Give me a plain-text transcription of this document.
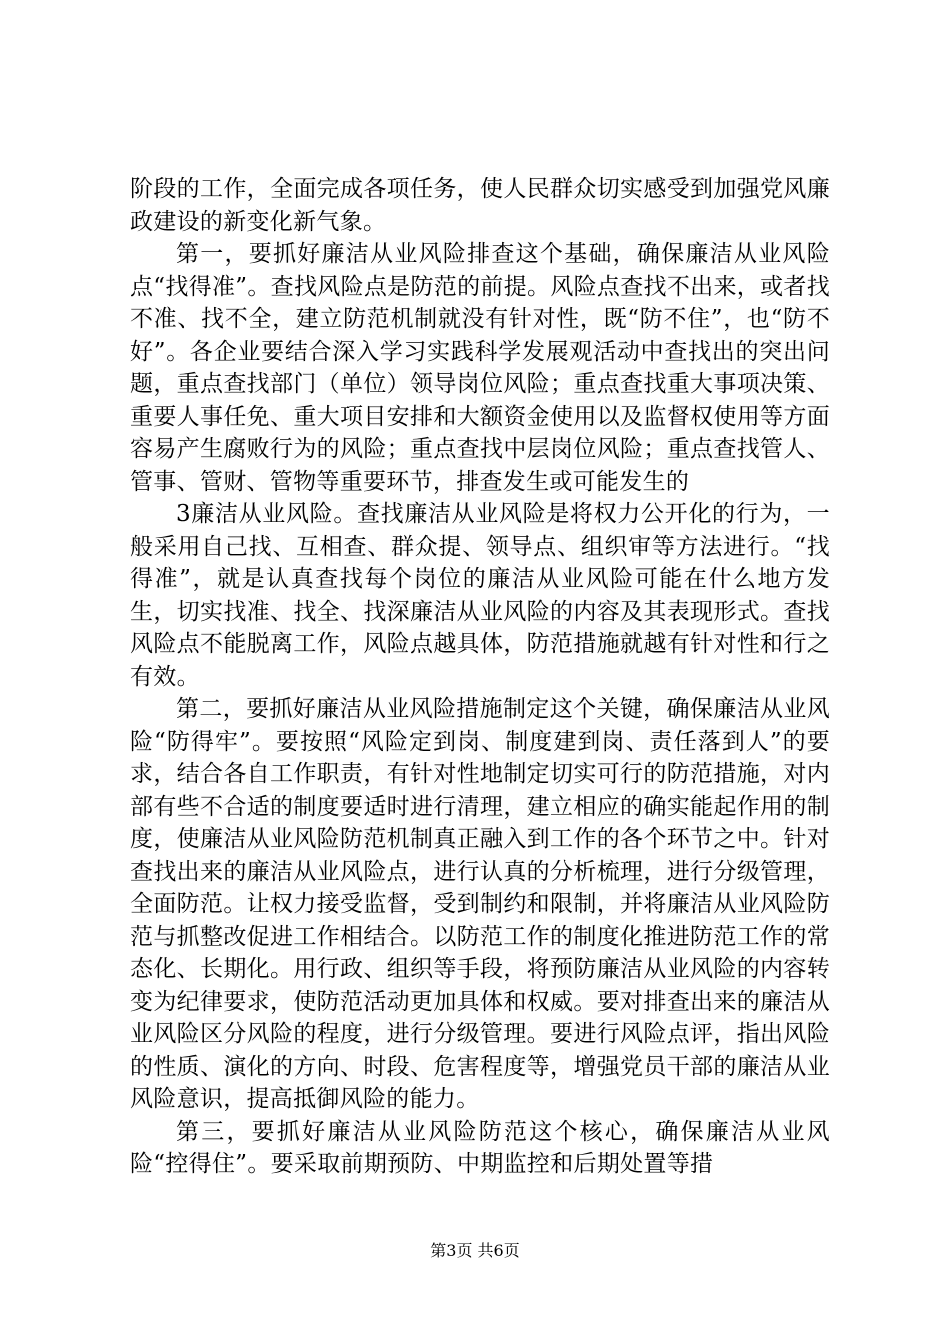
阶段的工作，全面完成各项任务，使人民群众切实感受到加强党风廉政建设的新变化新气象。

第一，要抓好廉洁从业风险排查这个基础，确保廉洁从业风险点“找得准”。查找风险点是防范的前提。风险点查找不出来，或者找不准、找不全，建立防范机制就没有针对性，既“防不住”，也“防不好”。各企业要结合深入学习实践科学发展观活动中查找出的突出问题，重点查找部门（单位）领导岗位风险；重点查找重大事项决策、重要人事任免、重大项目安排和大额资金使用以及监督权使用等方面容易产生腐败行为的风险；重点查找中层岗位风险；重点查找管人、管事、管财、管物等重要环节，排查发生或可能发生的

3廉洁从业风险。查找廉洁从业风险是将权力公开化的行为，一般采用自己找、互相查、群众提、领导点、组织审等方法进行。“找得准”，就是认真查找每个岗位的廉洁从业风险可能在什么地方发生，切实找准、找全、找深廉洁从业风险的内容及其表现形式。查找风险点不能脱离工作，风险点越具体，防范措施就越有针对性和行之有效。

第二，要抓好廉洁从业风险措施制定这个关键，确保廉洁从业风险“防得牢”。要按照“风险定到岗、制度建到岗、责任落到人”的要求，结合各自工作职责，有针对性地制定切实可行的防范措施，对内部有些不合适的制度要适时进行清理，建立相应的确实能起作用的制度，使廉洁从业风险防范机制真正融入到工作的各个环节之中。针对查找出来的廉洁从业风险点，进行认真的分析梳理，进行分级管理，全面防范。让权力接受监督，受到制约和限制，并将廉洁从业风险防范与抓整改促进工作相结合。以防范工作的制度化推进防范工作的常态化、长期化。用行政、组织等手段，将预防廉洁从业风险的内容转变为纪律要求，使防范活动更加具体和权威。要对排查出来的廉洁从业风险区分风险的程度，进行分级管理。要进行风险点评，指出风险的性质、演化的方向、时段、危害程度等，增强党员干部的廉洁从业风险意识，提高抵御风险的能力。

第三，要抓好廉洁从业风险防范这个核心，确保廉洁从业风险“控得住”。要采取前期预防、中期监控和后期处置等措

第3页 共6页
